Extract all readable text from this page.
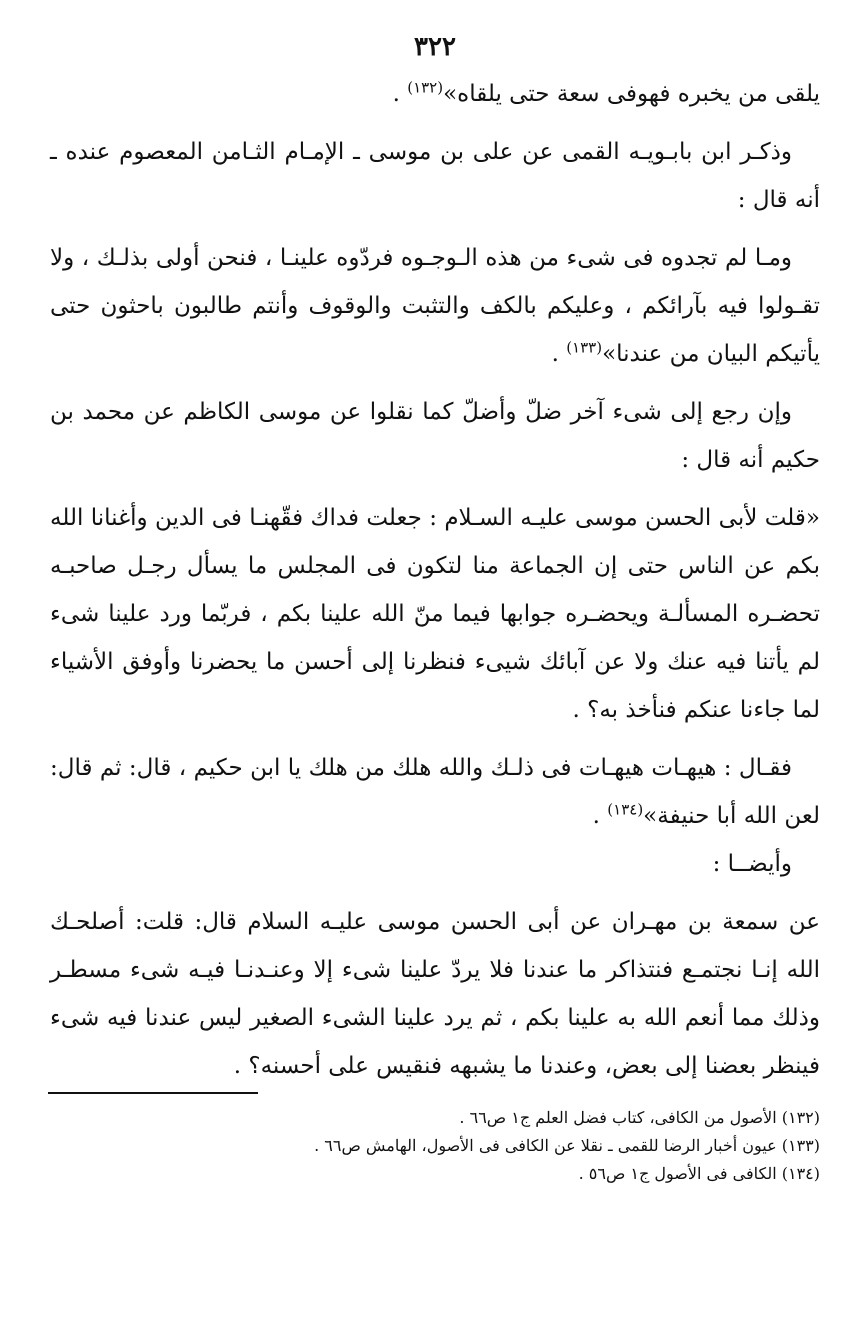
٣٢٢

يلقى من يخبره فهوفى سعة حتى يلقاه»$^{(١٣٢)}$ .

وذكـر ابن بابـويـه القمى عن على بن موسى ـ الإمـام الثـامن المعصوم عنده ـ أنه قال :

ومـا لم تجدوه فى شىء من هذه الـوجـوه فردّوه علينـا ، فنحن أولى بذلـك ، ولا تقـولوا فيه بآرائكم ، وعليكم بالكف والتثبت والوقوف وأنتم طالبون باحثون حتى يأتيكم البيان من عندنا»$^{(١٣٣)}$ .

وإن رجع إلى شىء آخر ضلّ وأضلّ كما نقلوا عن موسى الكاظم عن محمد بن حكيم أنه قال :

«قلت لأبى الحسن موسى عليـه السـلام : جعلت فداك فقّهنـا فى الدين وأغنانا الله بكم عن الناس حتى إن الجماعة منا لتكون فى المجلس ما يسأل رجـل صاحبـه تحضـره المسألـة ويحضـره جوابها فيما منّ الله علينا بكم ، فربّما ورد علينا شىء لم يأتنا فيه عنك ولا عن آبائك شيىء فنظرنا إلى أحسن ما يحضرنا وأوفق الأشياء لما جاءنا عنكم فنأخذ به؟ .

فقـال : هيهـات هيهـات فى ذلـك والله هلك من هلك يا ابن حكيم ، قال: ثم قال: لعن الله أبا حنيفة»$^{(١٣٤)}$ .

وأيضــا :

عن سمعة بن مهـران عن أبى الحسن موسى عليـه السلام قال: قلت: أصلحـك الله إنـا نجتمـع فنتذاكر ما عندنا فلا يردّ علينا شىء إلا وعنـدنـا فيـه شىء مسطـر وذلك مما أنعم الله به علينا بكم ، ثم يرد علينا الشىء الصغير ليس عندنا فيه شىء فينظر بعضنا إلى بعض، وعندنا ما يشبهه فنقيس على أحسنه؟ .

(١٣٢) الأصول من الكافى، كتاب فضل العلم ج١ ص٦٦ .

(١٣٣) عيون أخبار الرضا للقمى ـ نقلا عن الكافى فى الأصول، الهامش ص٦٦ .

(١٣٤) الكافى فى الأصول ج١ ص٥٦ .
